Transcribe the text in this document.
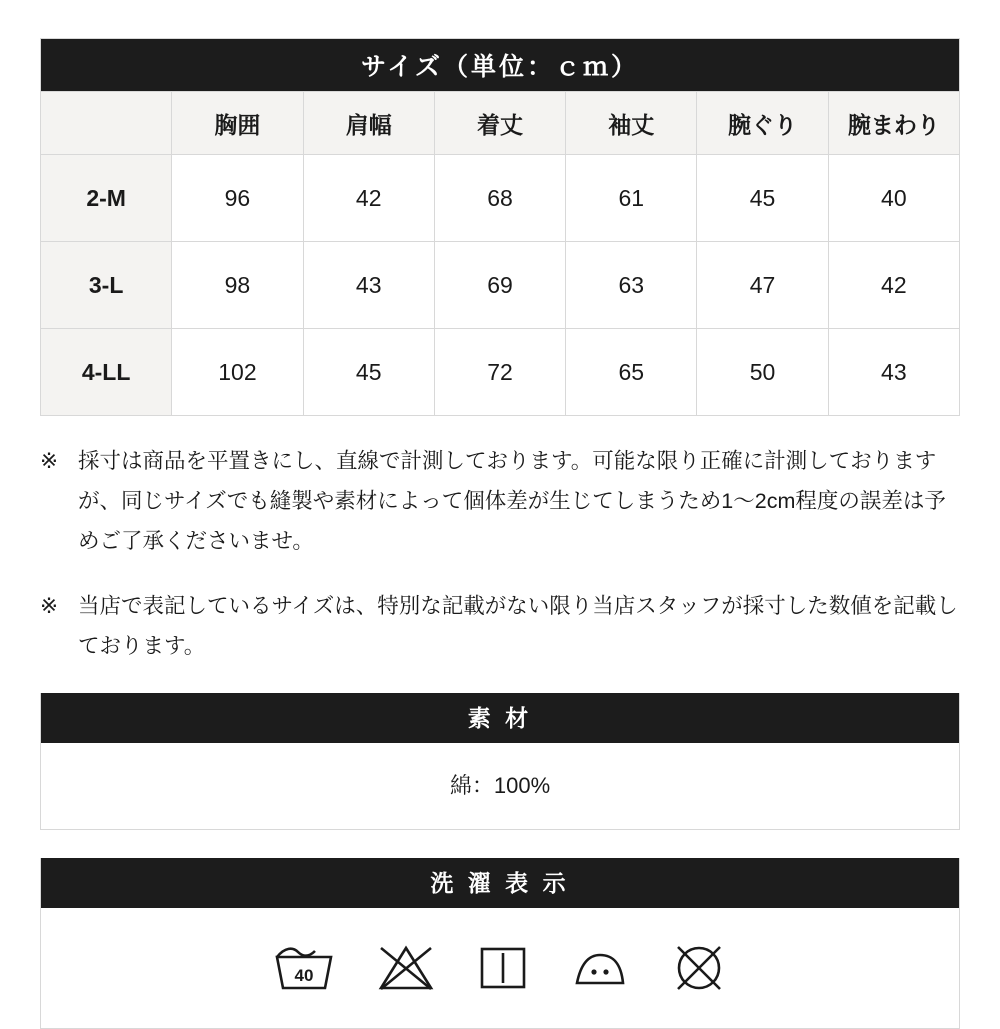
サイズ（単位：ｃｍ）						
	胸囲	肩幅	着丈	袖丈	腕ぐり	腕まわり
2-M	96	42	68	61	45	40
3-L	98	43	69	63	47	42
4-LL	102	45	72	65	50	43
※ 採寸は商品を平置きにし、直線で計測しております。可能な限り正確に計測しておりますが、同じサイズでも縫製や素材によって個体差が生じてしまうため1〜2cm程度の誤差は予めご了承くださいませ。
※ 当店で表記しているサイズは、特別な記載がない限り当店スタッフが採寸した数値を記載しております。
素 材
綿：100%
洗 濯 表 示
40
